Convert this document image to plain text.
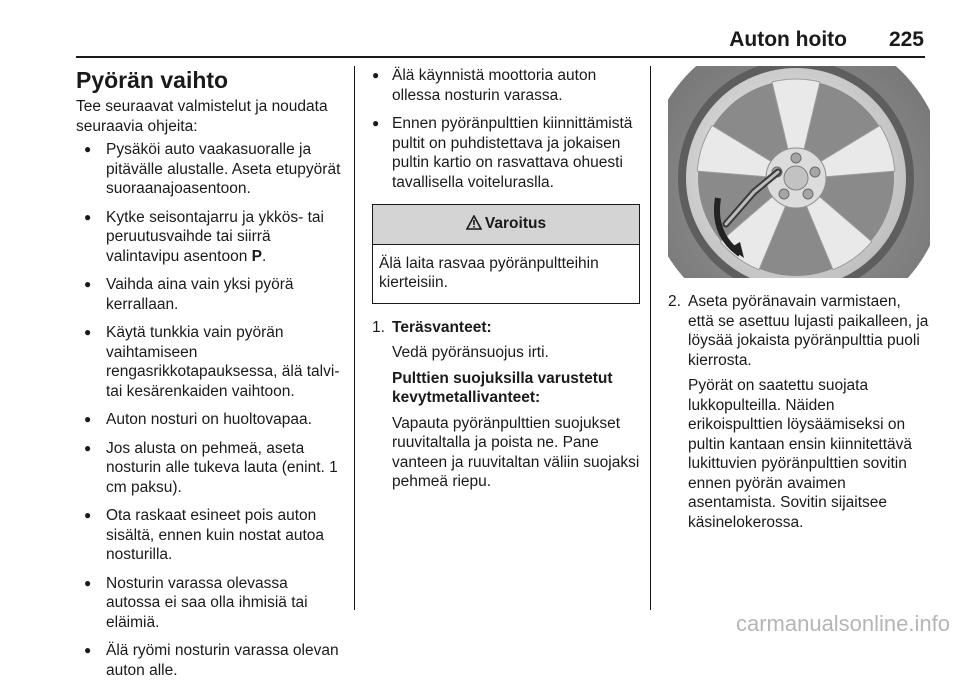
Auton hoito 225
Pyörän vaihto

Tee seuraavat valmistelut ja noudata seuraavia ohjeita:

● Pysäköi auto vaakasuoralle ja pitävälle alustalle. Aseta etupyörät suoraanajoasentoon.
● Kytke seisontajarru ja ykkös- tai peruutusvaihde tai siirrä valintavipu asentoon P.
● Vaihda aina vain yksi pyörä kerrallaan.
● Käytä tunkkia vain pyörän vaihtamiseen rengasrikkotapauksessa, älä talvi- tai kesärenkaiden vaihtoon.
● Auton nosturi on huoltovapaa.
● Jos alusta on pehmeä, aseta nosturin alle tukeva lauta (enint. 1 cm paksu).
● Ota raskaat esineet pois auton sisältä, ennen kuin nostat autoa nosturilla.
● Nosturin varassa olevassa autossa ei saa olla ihmisiä tai eläimiä.
● Älä ryömi nosturin varassa olevan auton alle.
● Älä käynnistä moottoria auton ollessa nosturin varassa.
● Ennen pyöränpulttien kiinnittämistä pultit on puhdistettava ja jokaisen pultin kartio on rasvattava ohuesti tavallisella voiteluraslla.
Varoitus
Älä laita rasvaa pyöränpultteihin kierteisiin.
1. Teräsvanteet:

Vedä pyöränsuojus irti.

Pulttien suojuksilla varustetut kevytmetallivanteet:

Vapauta pyöränpulttien suojukset ruuvitaltalla ja poista ne. Pane vanteen ja ruuvitaltan väliin suojaksi pehmeä riepu.

2. Aseta pyöränavain varmistaen, että se asettuu lujasti paikalleen, ja löysää jokaista pyöränpulttia puoli kierrosta.

Pyörät on saatettu suojata lukkopulteilla. Näiden erikoispulttien löysäämiseksi on pultin kantaan ensin kiinnitettävä lukittuvien pyöränpulttien sovitin ennen pyörän avaimen asentamista. Sovitin sijaitsee käsinelokerossa.

carmanualsonline.info
